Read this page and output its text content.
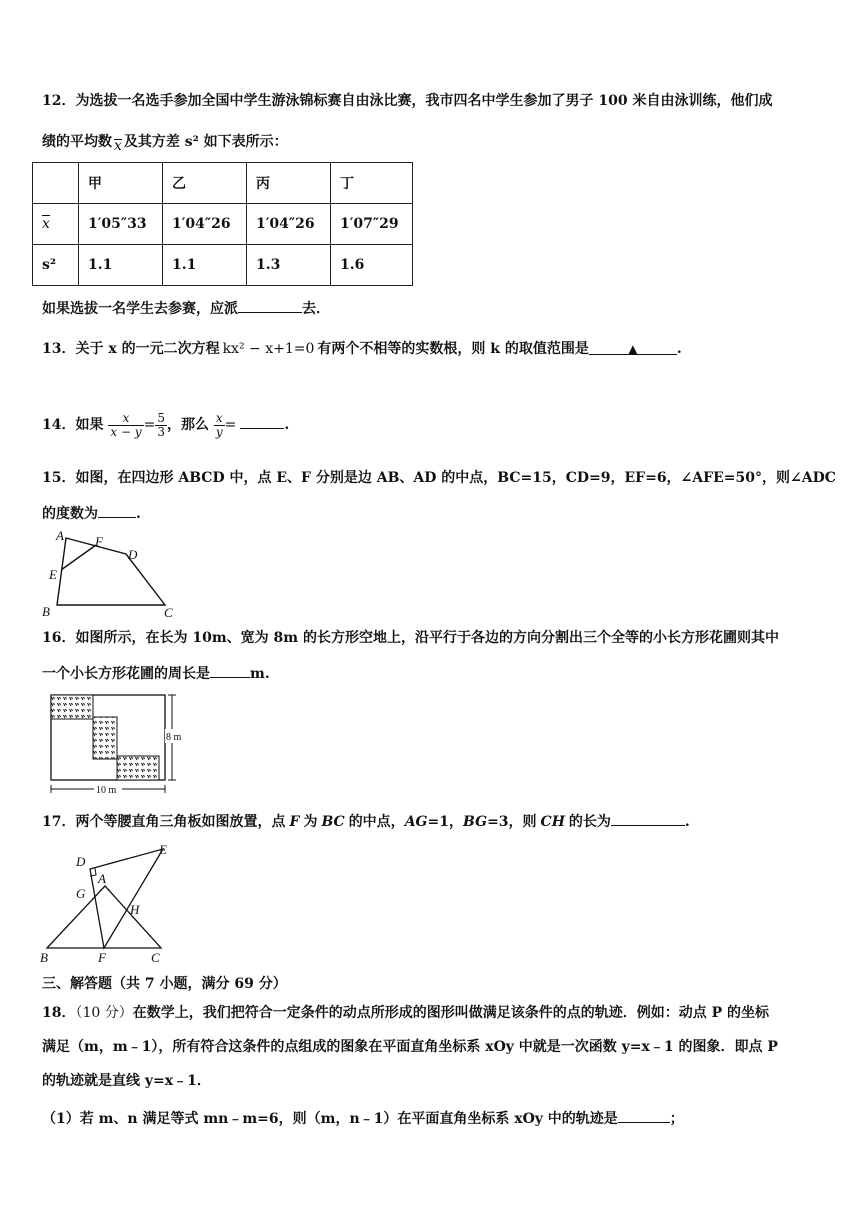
12．为选拔一名选手参加全国中学生游泳锦标赛自由泳比赛，我市四名中学生参加了男子 100 米自由泳训练，他们成
绩的平均数 x 及其方差 s² 如下表所示：
	甲	乙	丙	丁
x	1′05″33	1′04″26	1′04″26	1′07″29
s²	1.1	1.1	1.3	1.6
如果选拔一名学生去参赛，应派	去．
13．关于 x 的一元二次方程 kx² − x+1=0 有两个不相等的实数根，则 k 的取值范围是	▲	.
14．如果 $\frac{x}{x - y} = \frac{5}{3}$ ，那么 $\frac{x}{y}$ =	.
15．如图，在四边形 ABCD 中，点 E、F 分别是边 AB、AD 的中点，BC=15，CD=9，EF=6，∠AFE=50°，则∠ADC
的度数为	.
A F
D
E
B	C
16．如图所示，在长为 10m、宽为 8m 的长方形空地上，沿平行于各边的方向分割出三个全等的小长方形花圃则其中
一个小长方形花圃的周长是	m.
8 m
10 m
17．两个等腰直角三角板如图放置，点 F 为 BC 的中点，AG=1，BG=3，则 CH 的长为	.
D
E
G
A
H
B	F	C
三、解答题（共 7 小题，满分 69 分）
18．（10 分）在数学上，我们把符合一定条件的动点所形成的图形叫做满足该条件的点的轨迹．例如：动点 P 的坐标
满足（m，m﹣1），所有符合这条件的点组成的图象在平面直角坐标系 xOy 中就是一次函数 y=x﹣1 的图象．即点 P
的轨迹就是直线 y=x﹣1．
（1）若 m、n 满足等式 mn﹣m=6，则（m，n﹣1）在平面直角坐标系 xOy 中的轨迹是	；
